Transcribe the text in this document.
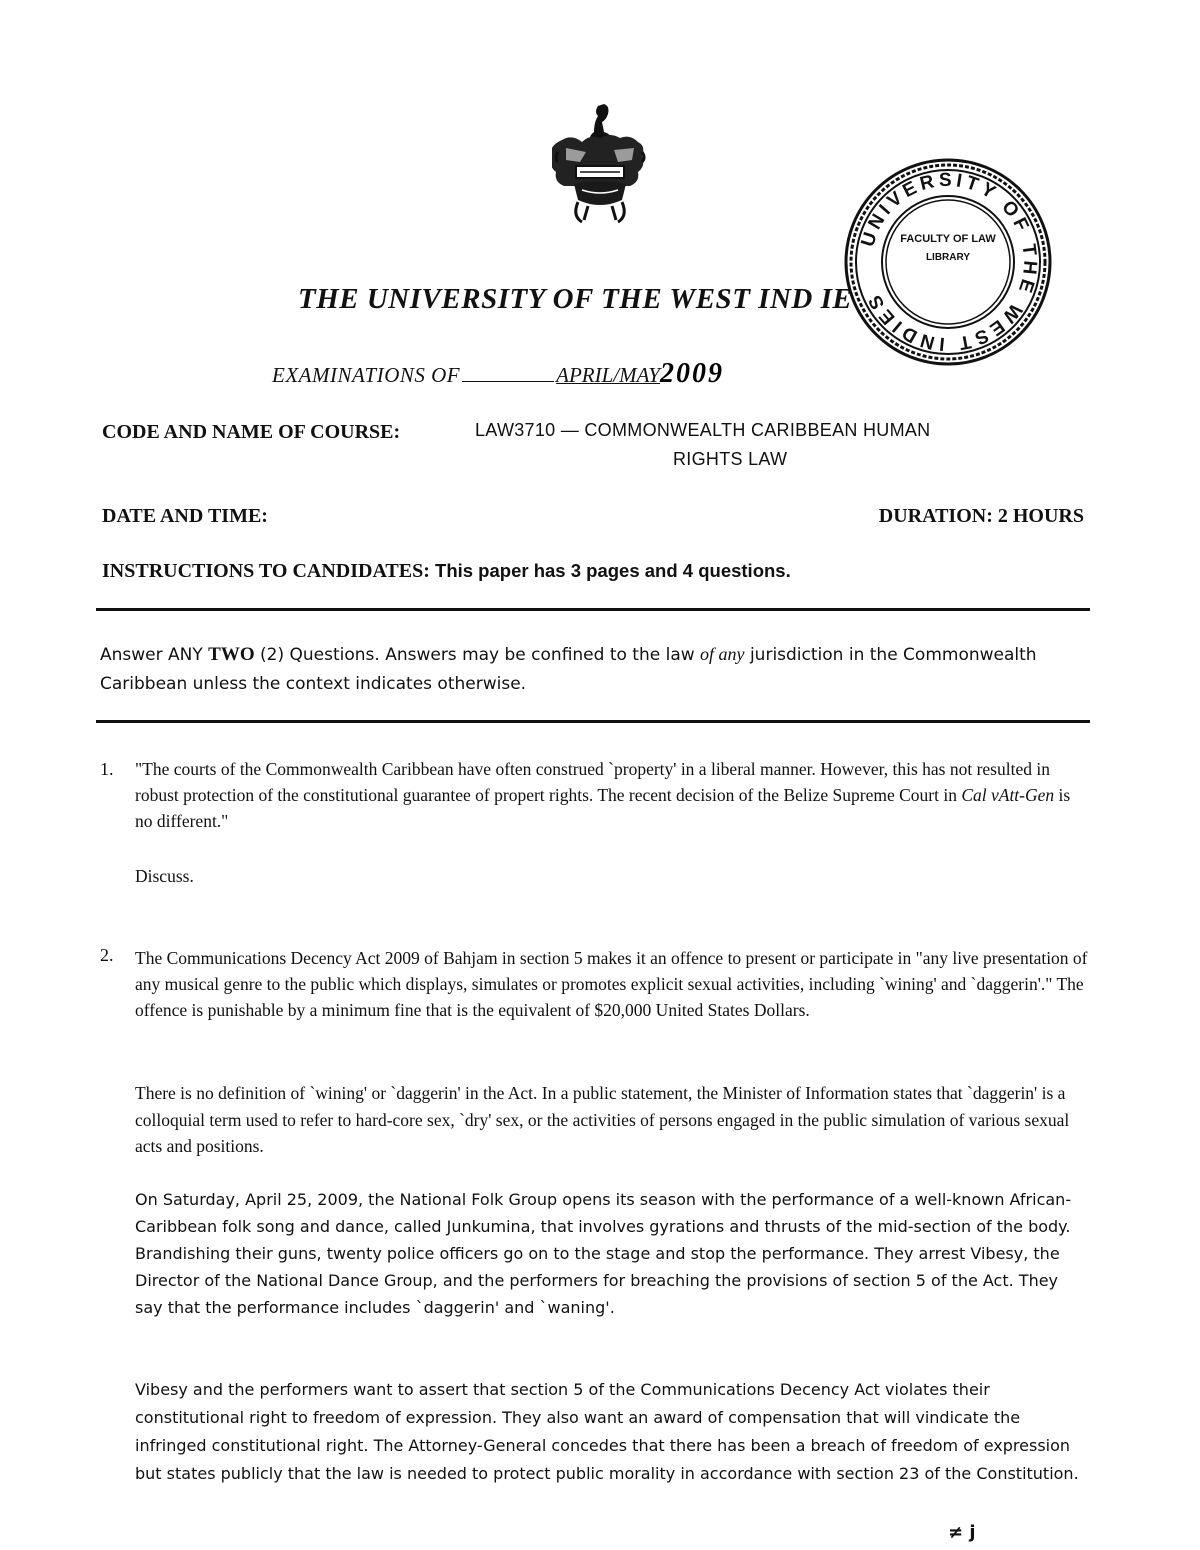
UNIVERSITY OF THE WEST INDIES
FACULTY OF LAW
LIBRARY
THE UNIVERSITY OF THE WEST IND IE
EXAMINATIONS OF	APRIL/MAY2009
CODE AND NAME OF COURSE:	LAW3710 — COMMONWEALTH CARIBBEAN HUMAN
RIGHTS LAW
DATE AND TIME:	DURATION: 2 HOURS
INSTRUCTIONS TO CANDIDATES: This paper has 3 pages and 4 questions.
Answer ANY TWO (2) Questions. Answers may be confined to the law of any jurisdiction in the Commonwealth Caribbean unless the context indicates otherwise.
1. "The courts of the Commonwealth Caribbean have often construed `property' in a liberal manner. However, this has not resulted in robust protection of the constitutional guarantee of propert rights. The recent decision of the Belize Supreme Court in Cal vAtt-Gen is no different."
Discuss.
2. The Communications Decency Act 2009 of Bahjam in section 5 makes it an offence to present or participate in "any live presentation of any musical genre to the public which displays, simulates or promotes explicit sexual activities, including `wining' and `daggerin'." The offence is punishable by a minimum fine that is the equivalent of $20,000 United States Dollars.
There is no definition of `wining' or `daggerin' in the Act. In a public statement, the Minister of Information states that `daggerin' is a colloquial term used to refer to hard-core sex, `dry' sex, or the activities of persons engaged in the public simulation of various sexual acts and positions.
On Saturday, April 25, 2009, the National Folk Group opens its season with the performance of a well-known African-Caribbean folk song and dance, called Junkumina, that involves gyrations and thrusts of the mid-section of the body. Brandishing their guns, twenty police officers go on to the stage and stop the performance. They arrest Vibesy, the Director of the National Dance Group, and the performers for breaching the provisions of section 5 of the Act. They say that the performance includes `daggerin' and `waning'.
Vibesy and the performers want to assert that section 5 of the Communications Decency Act violates their constitutional right to freedom of expression. They also want an award of compensation that will vindicate the infringed constitutional right. The Attorney-General concedes that there has been a breach of freedom of expression but states publicly that the law is needed to protect public morality in accordance with section 23 of the Constitution.
≠ j
